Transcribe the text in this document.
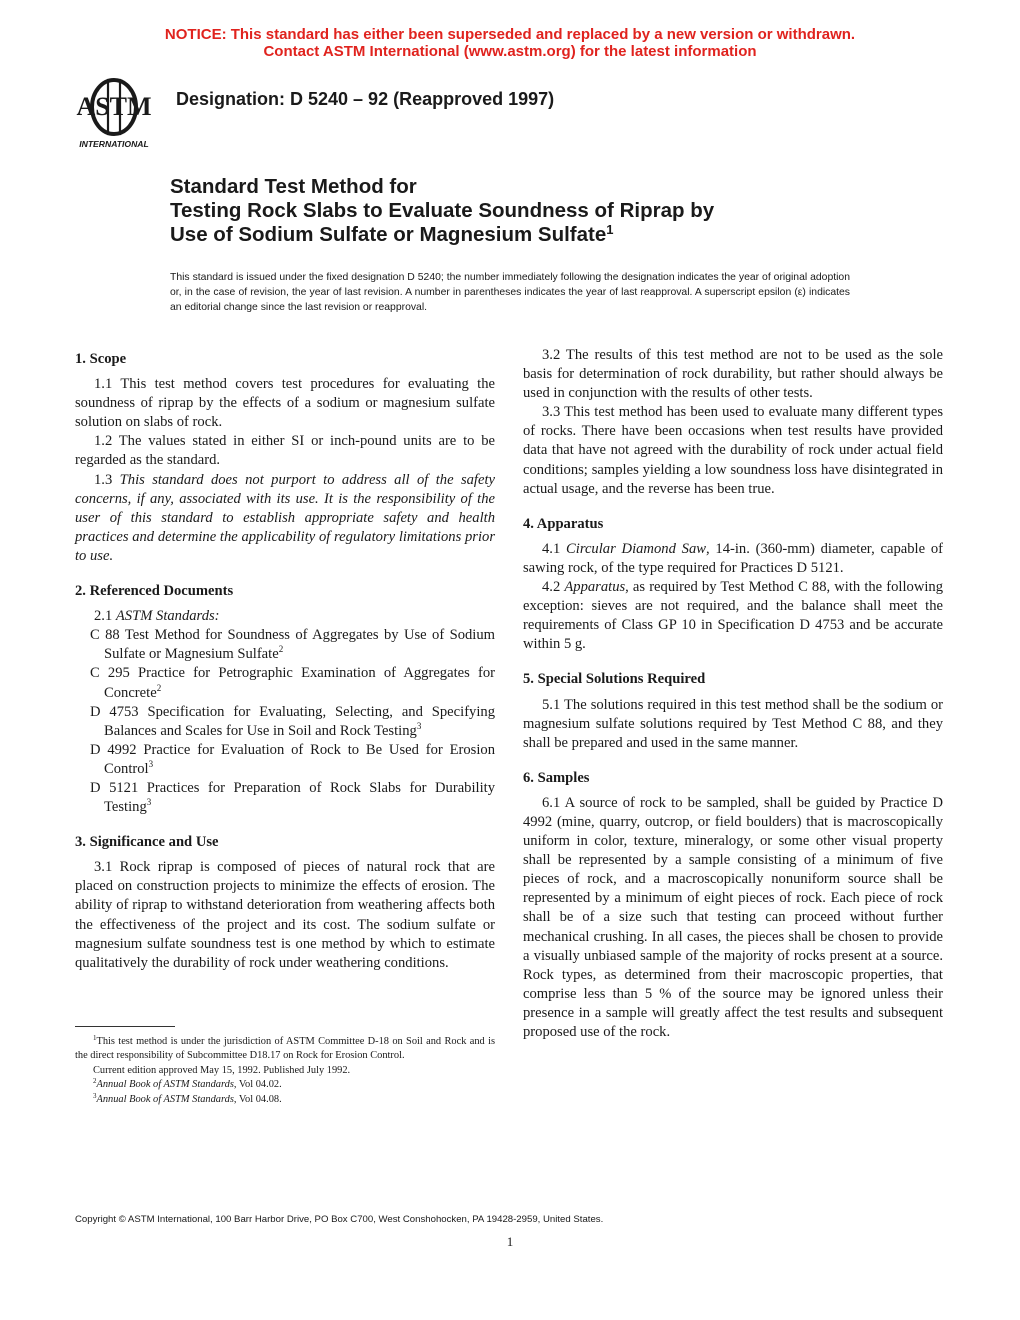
NOTICE: This standard has either been superseded and replaced by a new version or withdrawn.
Contact ASTM International (www.astm.org) for the latest information
ASTM
INTERNATIONAL
Designation: D 5240 – 92 (Reapproved 1997)
Standard Test Method for
Testing Rock Slabs to Evaluate Soundness of Riprap by
Use of Sodium Sulfate or Magnesium Sulfate$^1$
This standard is issued under the fixed designation D 5240; the number immediately following the designation indicates the year of original adoption or, in the case of revision, the year of last revision. A number in parentheses indicates the year of last reapproval. A superscript epsilon (ε) indicates an editorial change since the last revision or reapproval.
1. Scope

1.1 This test method covers test procedures for evaluating the soundness of riprap by the effects of a sodium or magnesium sulfate solution on slabs of rock.

1.2 The values stated in either SI or inch-pound units are to be regarded as the standard.

1.3 This standard does not purport to address all of the safety concerns, if any, associated with its use. It is the responsibility of the user of this standard to establish appropriate safety and health practices and determine the applicability of regulatory limitations prior to use.

2. Referenced Documents

2.1 ASTM Standards:

C 88 Test Method for Soundness of Aggregates by Use of Sodium Sulfate or Magnesium Sulfate$^2$

C 295 Practice for Petrographic Examination of Aggregates for Concrete$^2$

D 4753 Specification for Evaluating, Selecting, and Specifying Balances and Scales for Use in Soil and Rock Testing$^3$

D 4992 Practice for Evaluation of Rock to Be Used for Erosion Control$^3$

D 5121 Practices for Preparation of Rock Slabs for Durability Testing$^3$

3. Significance and Use

3.1 Rock riprap is composed of pieces of natural rock that are placed on construction projects to minimize the effects of erosion. The ability of riprap to withstand deterioration from weathering affects both the effectiveness of the project and its cost. The sodium sulfate or magnesium sulfate soundness test is one method by which to estimate qualitatively the durability of rock under weathering conditions.

$^1$This test method is under the jurisdiction of ASTM Committee D-18 on Soil and Rock and is the direct responsibility of Subcommittee D18.17 on Rock for Erosion Control.

Current edition approved May 15, 1992. Published July 1992.

$^2$Annual Book of ASTM Standards, Vol 04.02.

$^3$Annual Book of ASTM Standards, Vol 04.08.

3.2 The results of this test method are not to be used as the sole basis for determination of rock durability, but rather should always be used in conjunction with the results of other tests.

3.3 This test method has been used to evaluate many different types of rocks. There have been occasions when test results have provided data that have not agreed with the durability of rock under actual field conditions; samples yielding a low soundness loss have disintegrated in actual usage, and the reverse has been true.

4. Apparatus

4.1 Circular Diamond Saw, 14-in. (360-mm) diameter, capable of sawing rock, of the type required for Practices D 5121.

4.2 Apparatus, as required by Test Method C 88, with the following exception: sieves are not required, and the balance shall meet the requirements of Class GP 10 in Specification D 4753 and be accurate within 5 g.

5. Special Solutions Required

5.1 The solutions required in this test method shall be the sodium or magnesium sulfate solutions required by Test Method C 88, and they shall be prepared and used in the same manner.

6. Samples

6.1 A source of rock to be sampled, shall be guided by Practice D 4992 (mine, quarry, outcrop, or field boulders) that is macroscopically uniform in color, texture, mineralogy, or some other visual property shall be represented by a sample consisting of a minimum of five pieces of rock, and a macroscopically nonuniform source shall be represented by a minimum of eight pieces of rock. Each piece of rock shall be of a size such that testing can proceed without further mechanical crushing. In all cases, the pieces shall be chosen to provide a visually unbiased sample of the majority of rocks present at a source. Rock types, as determined from their macroscopic properties, that comprise less than 5 % of the source may be ignored unless their presence in a sample will greatly affect the test results and subsequent proposed use of the rock.

Copyright © ASTM International, 100 Barr Harbor Drive, PO Box C700, West Conshohocken, PA 19428-2959, United States.
1
